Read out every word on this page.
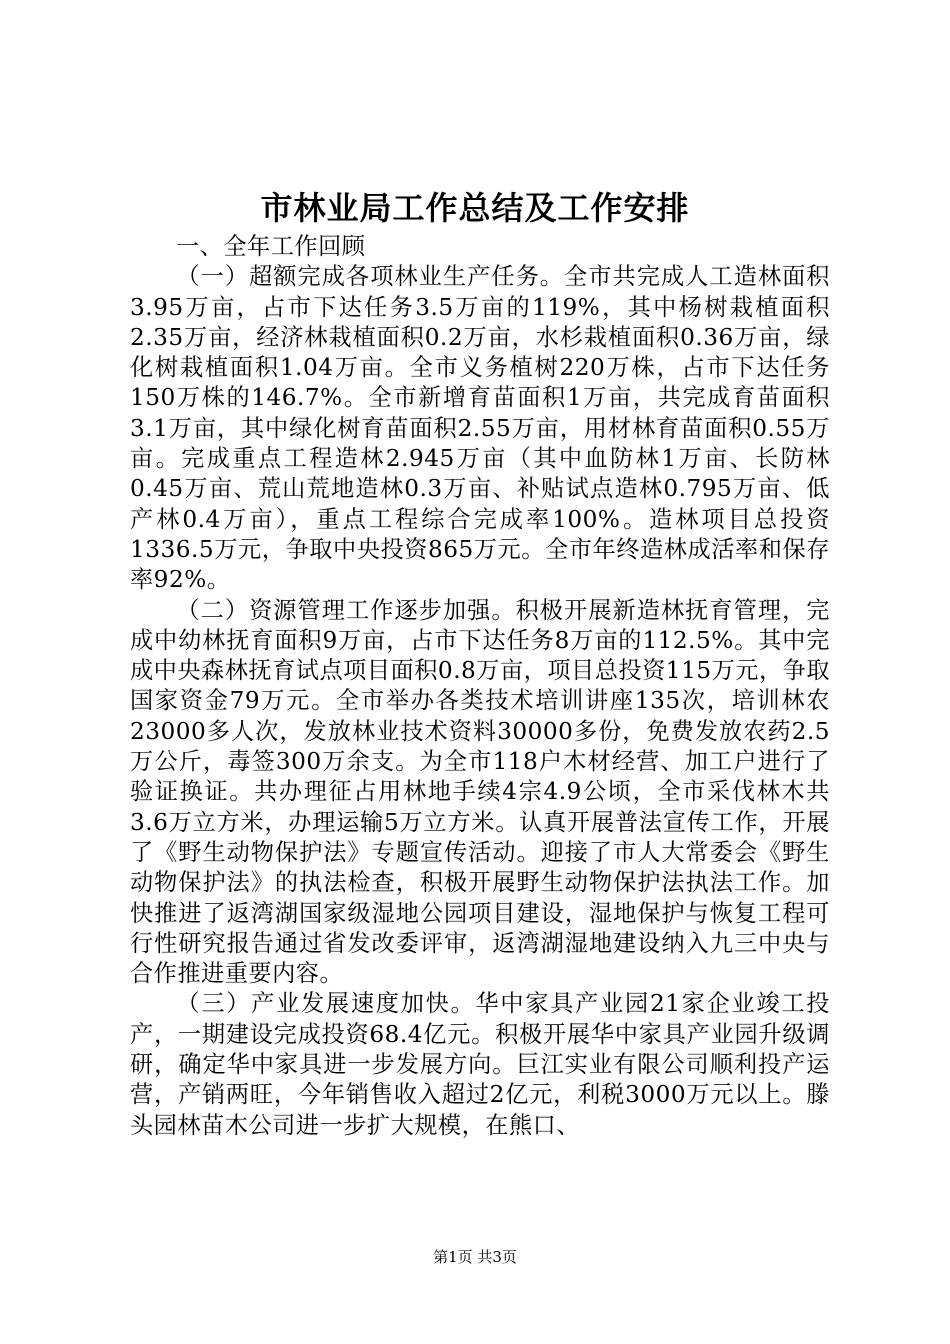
市林业局工作总结及工作安排

一、全年工作回顾

（一）超额完成各项林业生产任务。全市共完成人工造林面积3.95万亩，占市下达任务3.5万亩的119%，其中杨树栽植面积2.35万亩，经济林栽植面积0.2万亩，水杉栽植面积0.36万亩，绿化树栽植面积1.04万亩。全市义务植树220万株，占市下达任务150万株的146.7%。全市新增育苗面积1万亩，共完成育苗面积3.1万亩，其中绿化树育苗面积2.55万亩，用材林育苗面积0.55万亩。完成重点工程造林2.945万亩（其中血防林1万亩、长防林0.45万亩、荒山荒地造林0.3万亩、补贴试点造林0.795万亩、低产林0.4万亩），重点工程综合完成率100%。造林项目总投资1336.5万元，争取中央投资865万元。全市年终造林成活率和保存率92%。

（二）资源管理工作逐步加强。积极开展新造林抚育管理，完成中幼林抚育面积9万亩，占市下达任务8万亩的112.5%。其中完成中央森林抚育试点项目面积0.8万亩，项目总投资115万元，争取国家资金79万元。全市举办各类技术培训讲座135次，培训林农23000多人次，发放林业技术资料30000多份，免费发放农药2.5万公斤，毒签300万余支。为全市118户木材经营、加工户进行了验证换证。共办理征占用林地手续4宗4.9公顷，全市采伐林木共3.6万立方米，办理运输5万立方米。认真开展普法宣传工作，开展了《野生动物保护法》专题宣传活动。迎接了市人大常委会《野生动物保护法》的执法检查，积极开展野生动物保护法执法工作。加快推进了返湾湖国家级湿地公园项目建设，湿地保护与恢复工程可行性研究报告通过省发改委评审，返湾湖湿地建设纳入九三中央与合作推进重要内容。

（三）产业发展速度加快。华中家具产业园21家企业竣工投产，一期建设完成投资68.4亿元。积极开展华中家具产业园升级调研，确定华中家具进一步发展方向。巨江实业有限公司顺利投产运营，产销两旺，今年销售收入超过2亿元，利税3000万元以上。滕头园林苗木公司进一步扩大规模，在熊口、

第1页 共3页
